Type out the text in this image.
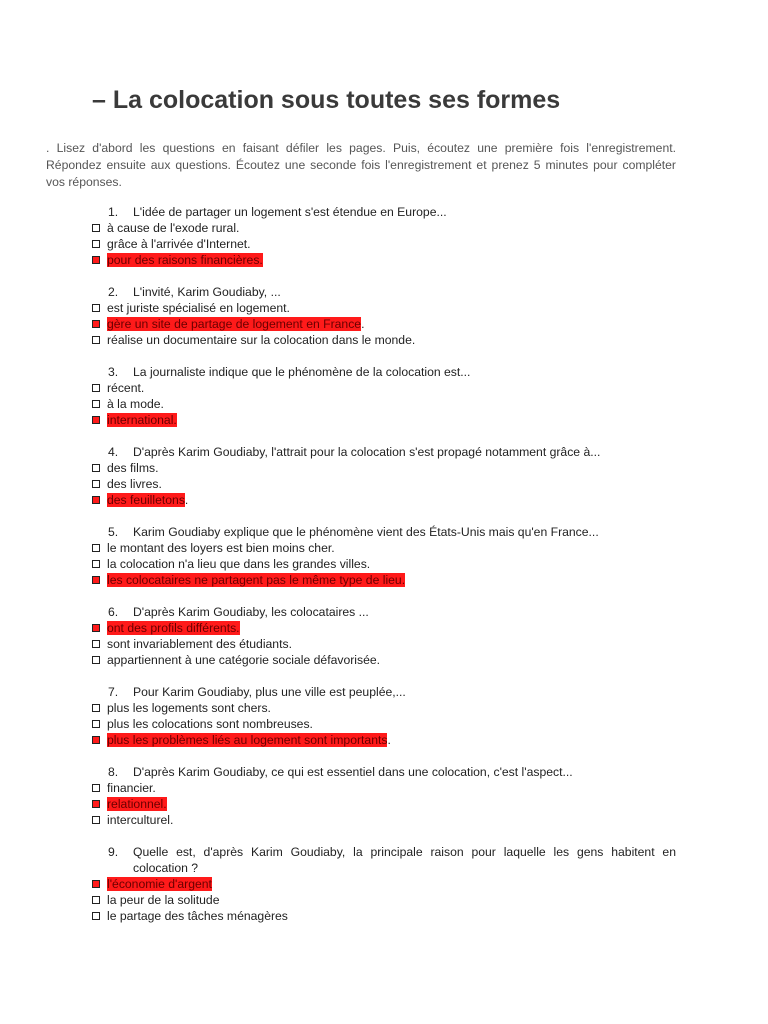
– La colocation sous toutes ses formes
. Lisez d'abord les questions en faisant défiler les pages. Puis, écoutez une première fois l'enregistrement. Répondez ensuite aux questions. Écoutez une seconde fois l'enregistrement et prenez 5 minutes pour compléter vos réponses.
1. L'idée de partager un logement s'est étendue en Europe...
à cause de l'exode rural.
grâce à l'arrivée d'Internet.
pour des raisons financières.
2. L'invité, Karim Goudiaby, ...
est juriste spécialisé en logement.
gère un site de partage de logement en France.
réalise un documentaire sur la colocation dans le monde.
3. La journaliste indique que le phénomène de la colocation est...
récent.
à la mode.
international.
4. D'après Karim Goudiaby, l'attrait pour la colocation s'est propagé notamment grâce à...
des films.
des livres.
des feuilletons.
5. Karim Goudiaby explique que le phénomène vient des États-Unis mais qu'en France...
le montant des loyers est bien moins cher.
la colocation n'a lieu que dans les grandes villes.
les colocataires ne partagent pas le même type de lieu.
6. D'après Karim Goudiaby, les colocataires ...
ont des profils différents.
sont invariablement des étudiants.
appartiennent à une catégorie sociale défavorisée.
7. Pour Karim Goudiaby, plus une ville est peuplée,...
plus les logements sont chers.
plus les colocations sont nombreuses.
plus les problèmes liés au logement sont importants.
8. D'après Karim Goudiaby, ce qui est essentiel dans une colocation, c'est l'aspect...
financier.
relationnel.
interculturel.
9. Quelle est, d'après Karim Goudiaby, la principale raison pour laquelle les gens habitent en colocation ?
l'économie d'argent
la peur de la solitude
le partage des tâches ménagères
